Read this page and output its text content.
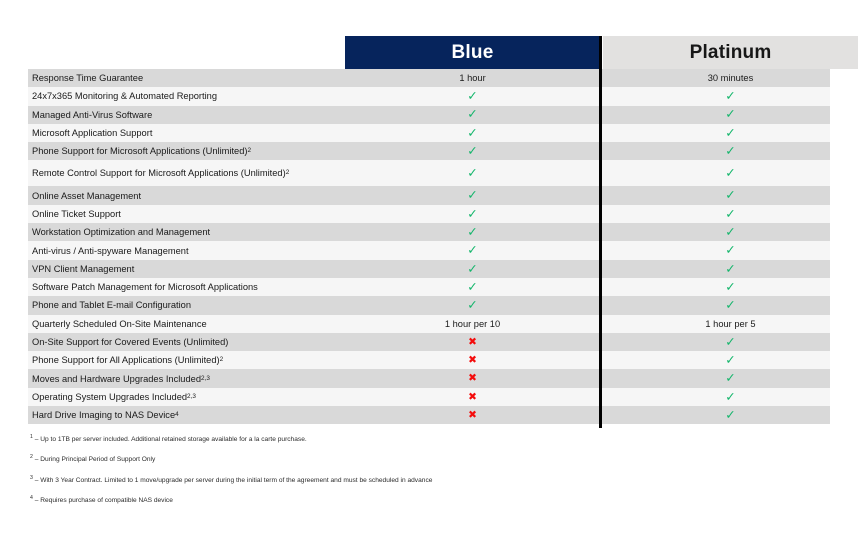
Blue	Platinum
Response Time Guarantee	1 hour	30 minutes
24x7x365 Monitoring & Automated Reporting	✓	✓
Managed Anti-Virus Software	✓	✓
Microsoft Application Support	✓	✓
Phone Support for Microsoft Applications (Unlimited) 2	✓	✓
Remote Control Support for Microsoft Applications (Unlimited) 2	✓	✓
Online Asset Management	✓	✓
Online Ticket Support	✓	✓
Workstation Optimization and Management	✓	✓
Anti-virus / Anti-spyware Management	✓	✓
VPN Client Management	✓	✓
Software Patch Management for Microsoft Applications	✓	✓
Phone and Tablet E-mail Configuration	✓	✓
Quarterly Scheduled On-Site Maintenance	1 hour per 10	1 hour per 5
On-Site Support for Covered Events (Unlimited)	✖	✓
Phone Support for All Applications (Unlimited) 2	✖	✓
Moves and Hardware Upgrades Included 2,3	✖	✓
Operating System Upgrades Included 2,3	✖	✓
Hard Drive Imaging to NAS Device 4	✖	✓
$^1$ – Up to 1TB per server included. Additional retained storage available for a la carte purchase.
$^2$ – During Principal Period of Support Only
$^3$ – With 3 Year Contract. Limited to 1 move/upgrade per server during the initial term of the agreement and must be scheduled in advance
$^4$ – Requires purchase of compatible NAS device
